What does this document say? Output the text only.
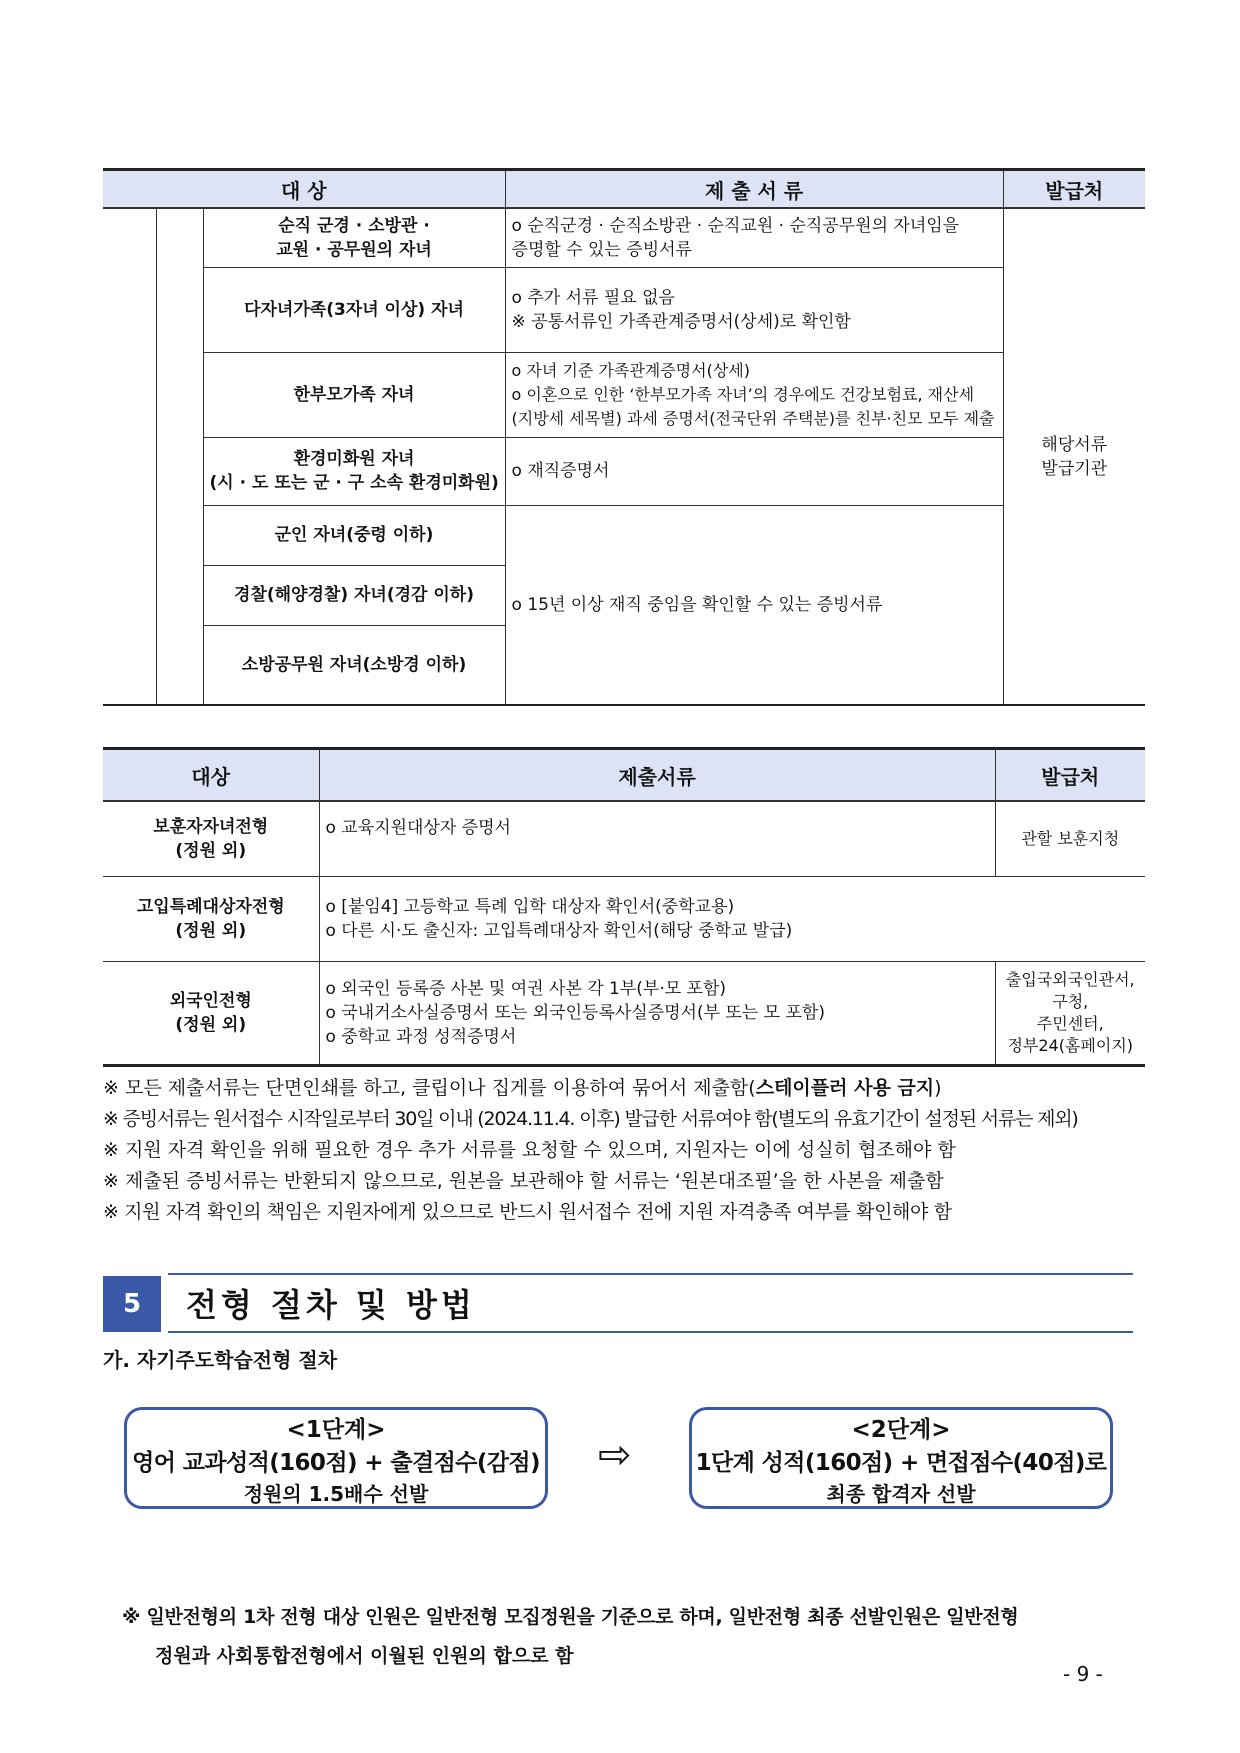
대 상			제 출 서 류	발급처

		순직 군경 · 소방관 ·
교원 · 공무원의 자녀	o 순직군경 · 순직소방관 · 순직교원 · 순직공무원의 자녀임을
증명할 수 있는 증빙서류	해당서류
발급기관

		다자녀가족(3자녀 이상) 자녀	o 추가 서류 필요 없음
※ 공통서류인 가족관계증명서(상세)로 확인함	

		한부모가족 자녀	o 자녀 기준 가족관계증명서(상세)
o 이혼으로 인한 ‘한부모가족 자녀’의 경우에도 건강보험료, 재산세
(지방세 세목별) 과세 증명서(전국단위 주택분)를 친부·친모 모두 제출	

		환경미화원 자녀
(시 · 도 또는 군 · 구 소속 환경미화원)	o 재직증명서	

		군인 자녀(중령 이하)	o 15년 이상 재직 중임을 확인할 수 있는 증빙서류	

		경찰(해양경찰) 자녀(경감 이하)		

		소방공무원 자녀(소방경 이하)		
대상	제출서류	발급처

보훈자자녀전형
(정원 외)	o 교육지원대상자 증명서	관할 보훈지청

고입특례대상자전형
(정원 외)	o [붙임4] 고등학교 특례 입학 대상자 확인서(중학교용)
o 다른 시·도 출신자: 고입특례대상자 확인서(해당 중학교 발급)	

외국인전형
(정원 외)	o 외국인 등록증 사본 및 여권 사본 각 1부(부·모 포함)
o 국내거소사실증명서 또는 외국인등록사실증명서(부 또는 모 포함)
o 중학교 과정 성적증명서	출입국외국인관서,
구청,
주민센터,
정부24(홈페이지)
※ 모든 제출서류는 단면인쇄를 하고, 클립이나 집게를 이용하여 묶어서 제출함(스테이플러 사용 금지)
※ 증빙서류는 원서접수 시작일로부터 30일 이내 (2024.11.4. 이후) 발급한 서류여야 함(별도의 유효기간이 설정된 서류는 제외)
※ 지원 자격 확인을 위해 필요한 경우 추가 서류를 요청할 수 있으며, 지원자는 이에 성실히 협조해야 함
※ 제출된 증빙서류는 반환되지 않으므로, 원본을 보관해야 할 서류는 ‘원본대조필’을 한 사본을 제출함
※ 지원 자격 확인의 책임은 지원자에게 있으므로 반드시 원서접수 전에 지원 자격충족 여부를 확인해야 함
5	전형 절차 및 방법
가. 자기주도학습전형 절차
<1단계>
영어 교과성적(160점) + 출결점수(감점)
정원의 1.5배수 선발
⇨
<2단계>
1단계 성적(160점) + 면접점수(40점)로
최종 합격자 선발
※ 일반전형의 1차 전형 대상 인원은 일반전형 모집정원을 기준으로 하며, 일반전형 최종 선발인원은 일반전형
정원과 사회통합전형에서 이월된 인원의 합으로 함
- 9 -
